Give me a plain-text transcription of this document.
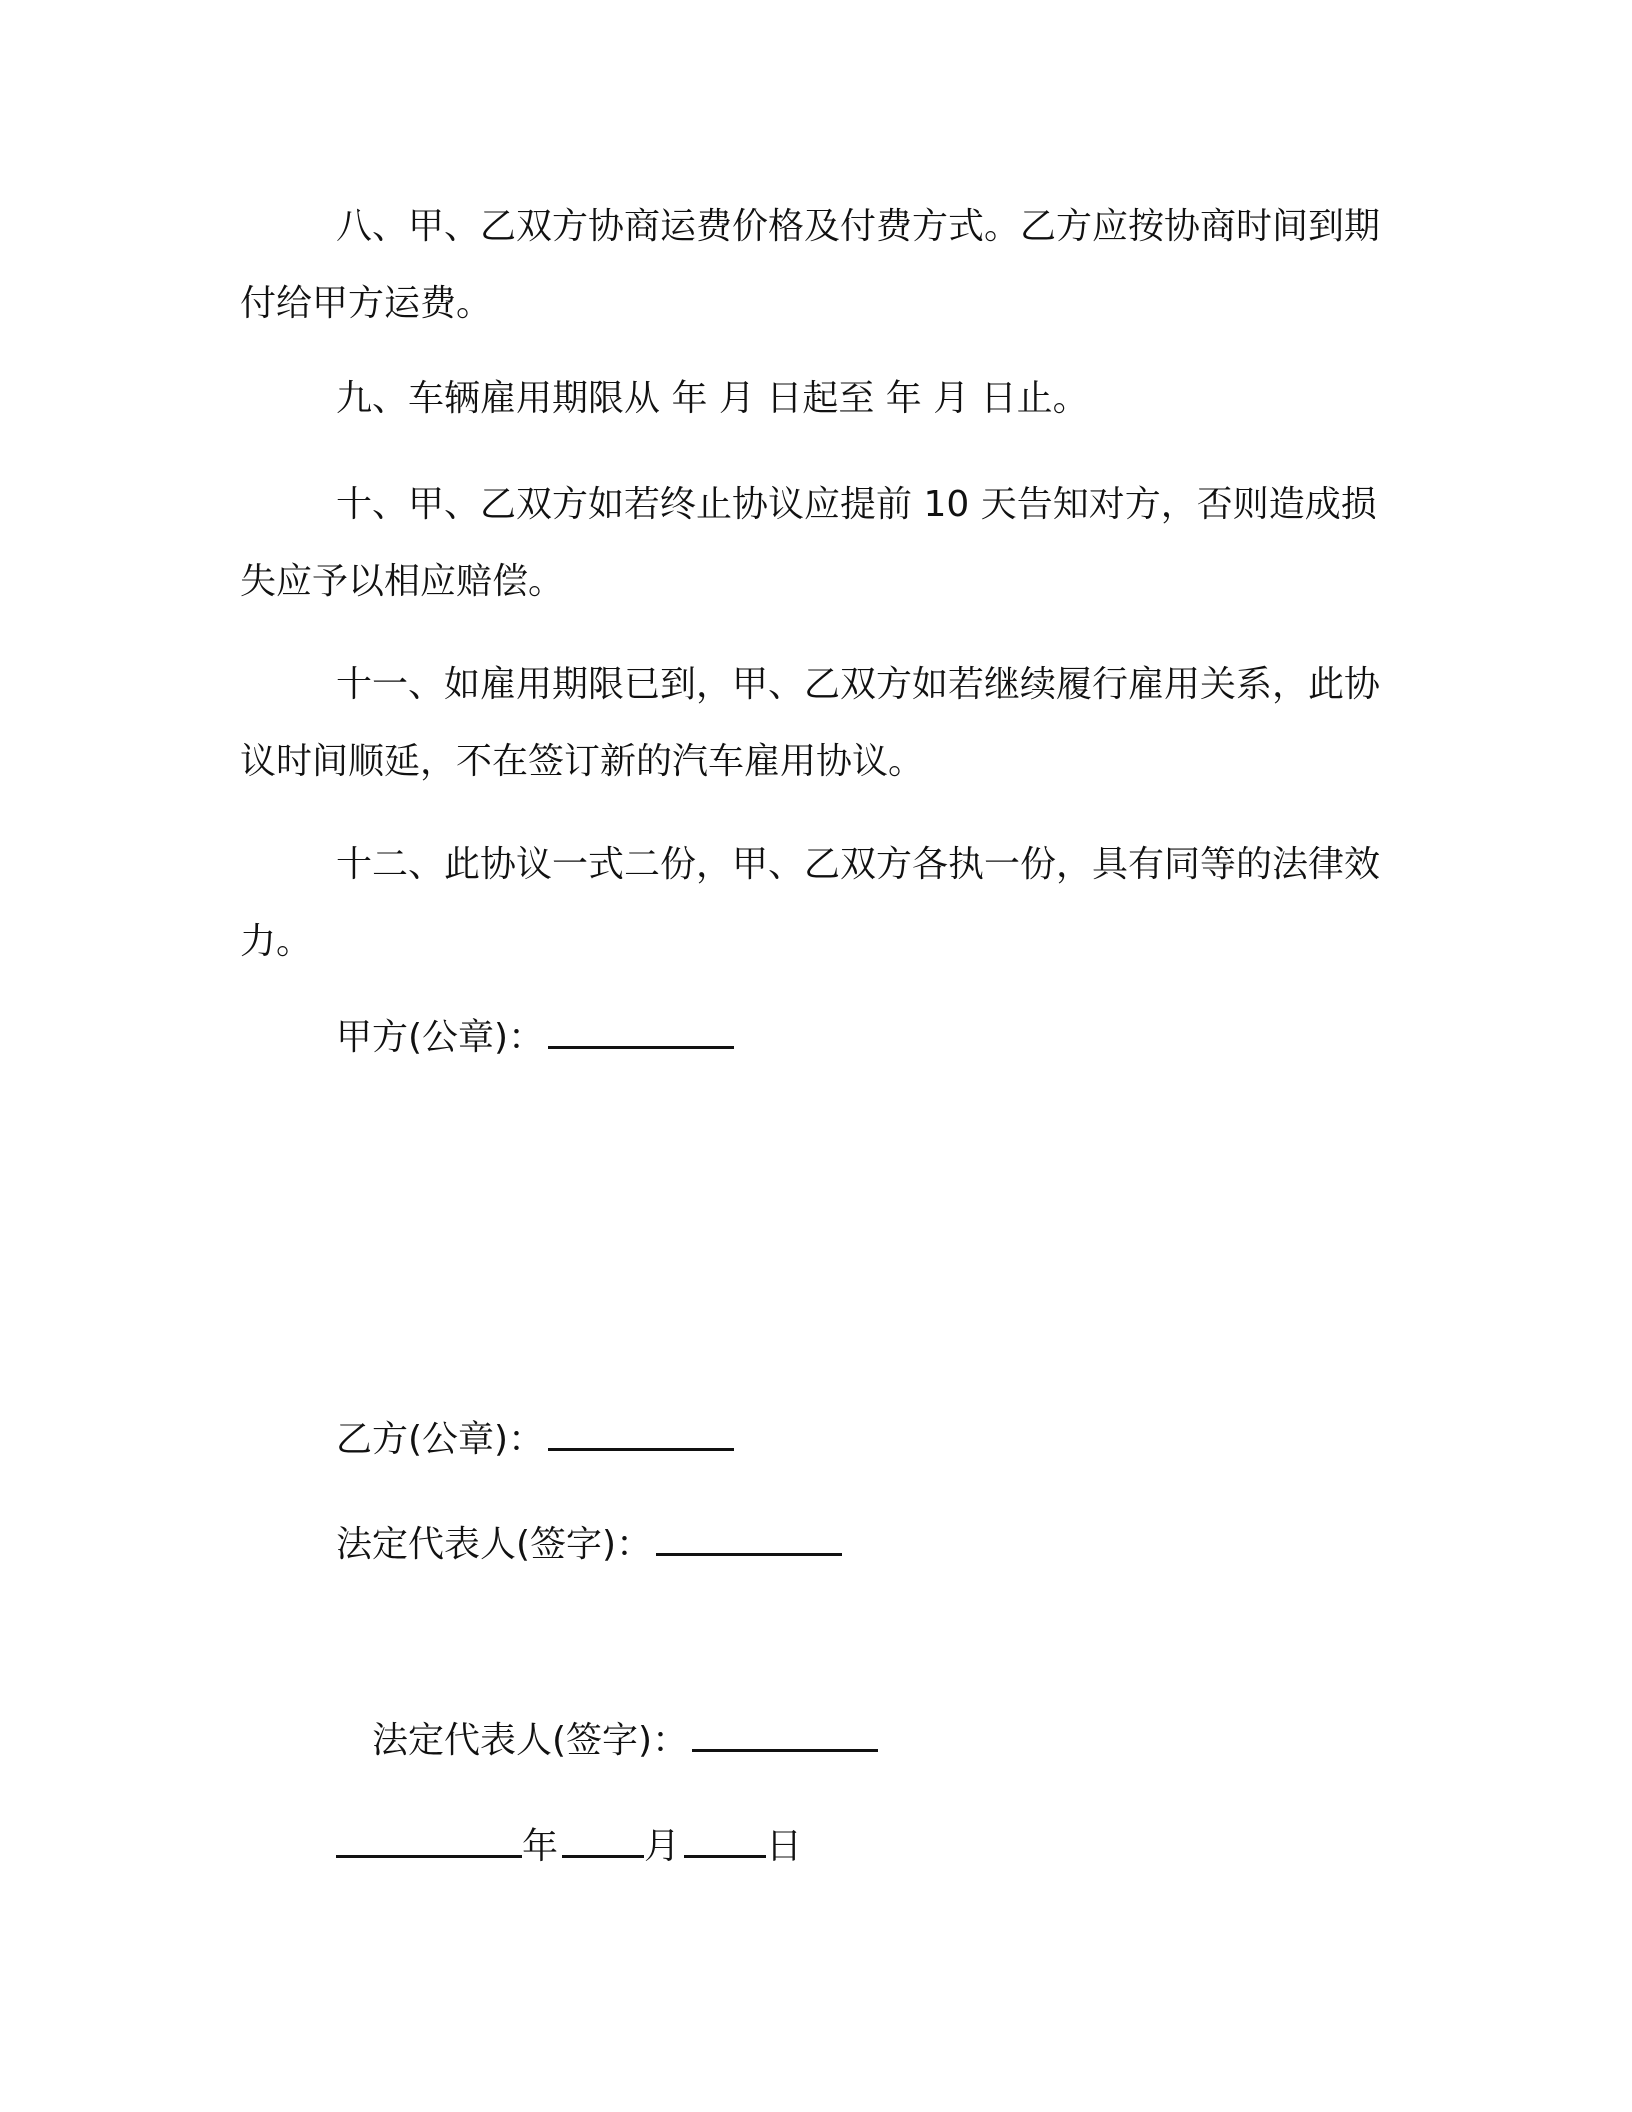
八、甲、乙双方协商运费价格及付费方式。乙方应按协商时间到期付给甲方运费。

九、车辆雇用期限从 年 月 日起至 年 月 日止。

十、甲、乙双方如若终止协议应提前 10 天告知对方，否则造成损失应予以相应赔偿。

十一、如雇用期限已到，甲、乙双方如若继续履行雇用关系，此协议时间顺延，不在签订新的汽车雇用协议。

十二、此协议一式二份，甲、乙双方各执一份，具有同等的法律效力。

甲方(公章)：
乙方(公章)：
法定代表人(签字)：
法定代表人(签字)：
年 月 日
